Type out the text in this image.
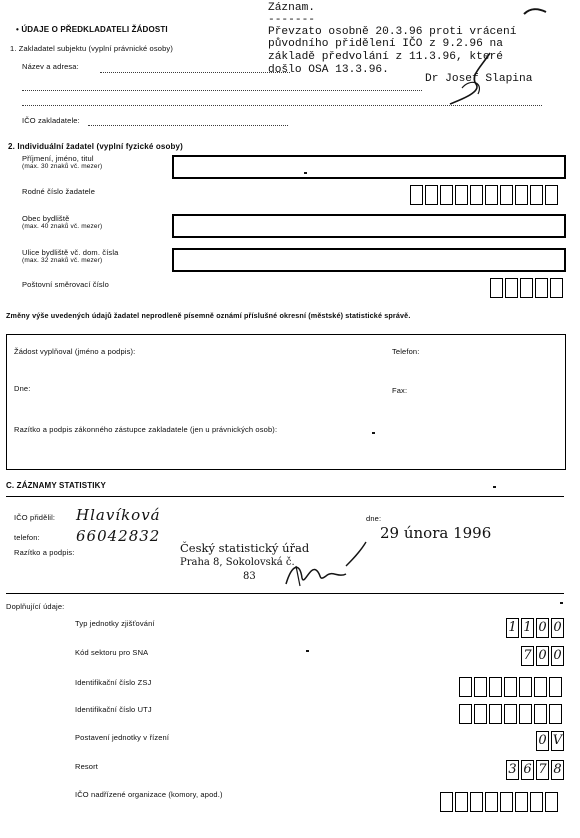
• ÚDAJE O PŘEDKLADATELI ŽÁDOSTI
1. Zakladatel subjektu (vyplní právnické osoby)
Název a adresa:
IČO zakladatele:
Záznam.
-------
Převzato osobně 20.3.96 proti vrácení
původního přidělení IČO z 9.2.96 na
základě předvolání z 11.3.96, které
došlo OSA 13.3.96.
Dr Josef Slapina
2. Individuální žadatel (vyplní fyzické osoby)
Příjmení, jméno, titul
(max. 30 znaků vč. mezer)
Rodné číslo žadatele
Obec bydliště
(max. 40 znaků vč. mezer)
Ulice bydliště vč. dom. čísla
(max. 32 znaků vč. mezer)
Poštovní směrovací číslo
Změny výše uvedených údajů žadatel neprodleně písemně oznámí příslušné okresní (městské) statistické správě.
Žádost vyplňoval (jméno a podpis):	Telefon:
Dne:	Fax:
Razítko a podpis zákonného zástupce zakladatele (jen u právnických osob):
C. ZÁZNAMY STATISTIKY
IČO přidělil: Hlavíková
telefon: 66042832
Razítko a podpis:
dne:
29 února 1996
Český statistický úřad
Praha 8, Sokolovská č.
83
Doplňující údaje:
Typ jednotky zjišťování	1 1 0 0
Kód sektoru pro SNA	7 0 0
Identifikační číslo ZSJ
Identifikační číslo UTJ
Postavení jednotky v řízení	0 V
Resort	3 6 7 8
IČO nadřízené organizace (komory, apod.)
